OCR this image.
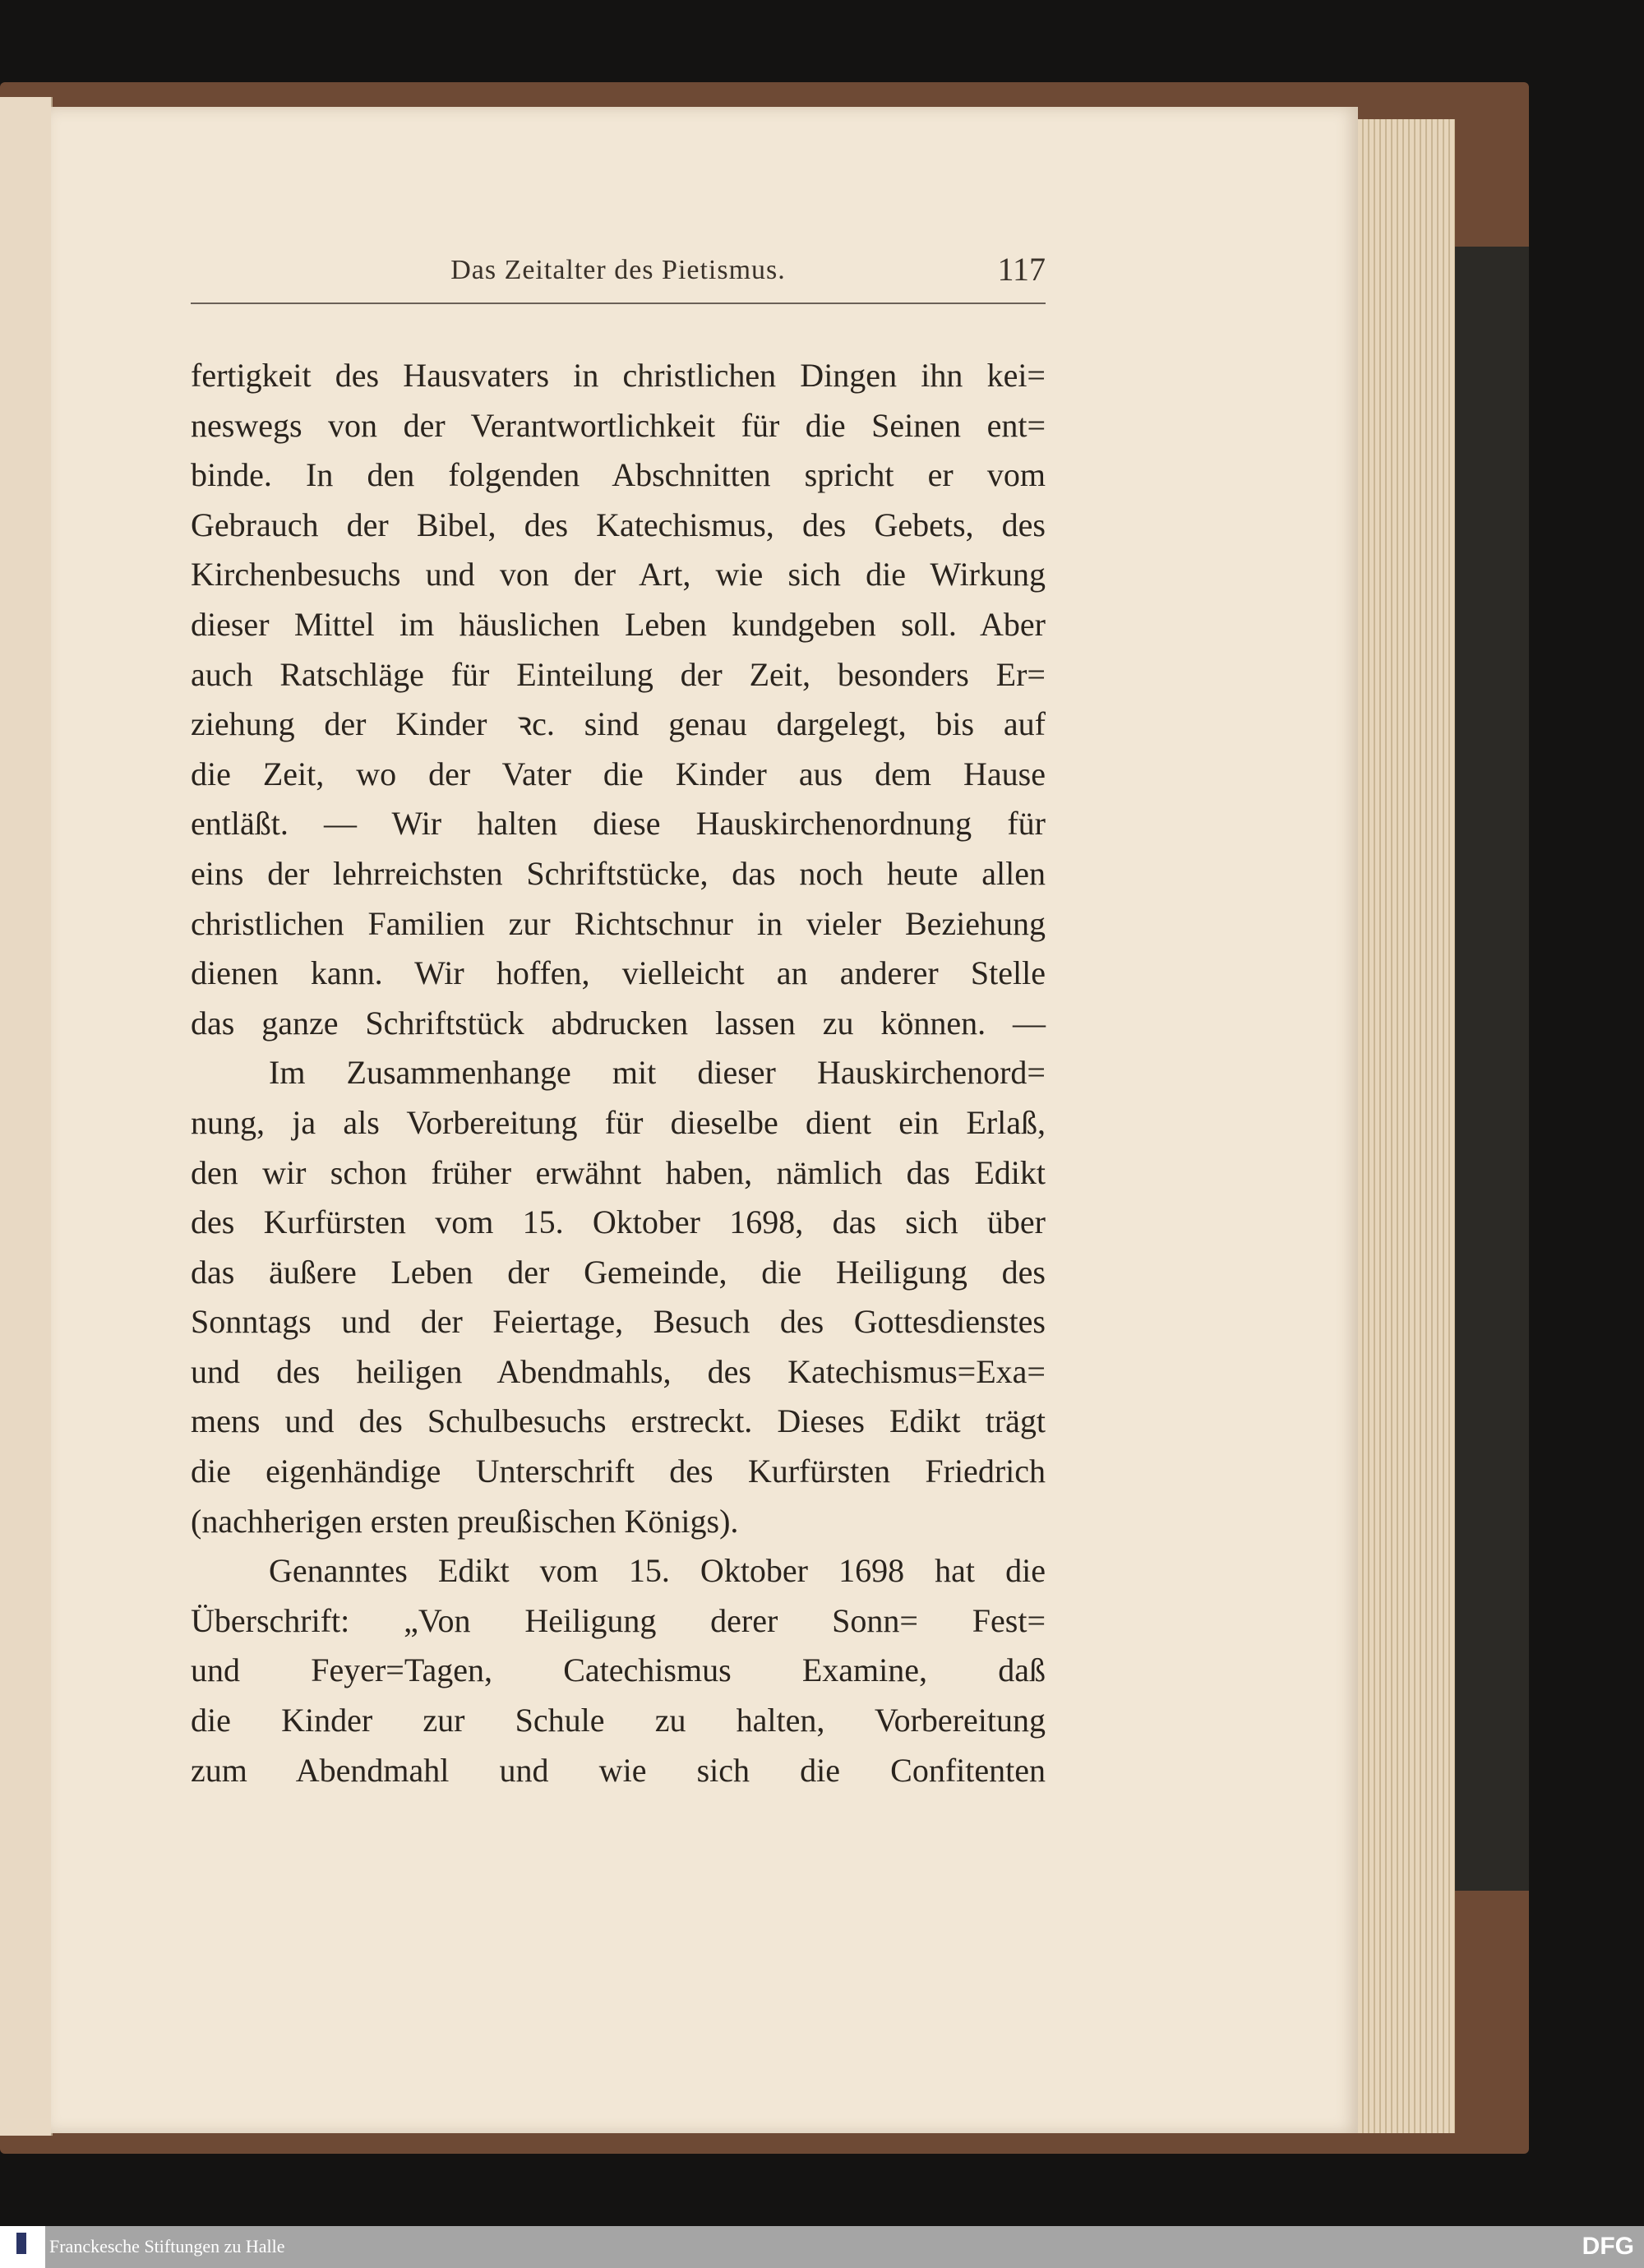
Das Zeitalter des Pietismus.	117
fertigkeit des Hausvaters in christlichen Dingen ihn kei=
neswegs von der Verantwortlichkeit für die Seinen ent=
binde. In den folgenden Abschnitten spricht er vom
Gebrauch der Bibel, des Katechismus, des Gebets, des
Kirchenbesuchs und von der Art, wie sich die Wirkung
dieser Mittel im häuslichen Leben kundgeben soll. Aber
auch Ratschläge für Einteilung der Zeit, besonders Er=
ziehung der Kinder ꝛc. sind genau dargelegt, bis auf
die Zeit, wo der Vater die Kinder aus dem Hause
entläßt. — Wir halten diese Hauskirchenordnung für
eins der lehrreichsten Schriftstücke, das noch heute allen
christlichen Familien zur Richtschnur in vieler Beziehung
dienen kann. Wir hoffen, vielleicht an anderer Stelle
das ganze Schriftstück abdrucken lassen zu können. —
Im Zusammenhange mit dieser Hauskirchenord=
nung, ja als Vorbereitung für dieselbe dient ein Erlaß,
den wir schon früher erwähnt haben, nämlich das Edikt
des Kurfürsten vom 15. Oktober 1698, das sich über
das äußere Leben der Gemeinde, die Heiligung des
Sonntags und der Feiertage, Besuch des Gottesdienstes
und des heiligen Abendmahls, des Katechismus=Exa=
mens und des Schulbesuchs erstreckt. Dieses Edikt trägt
die eigenhändige Unterschrift des Kurfürsten Friedrich
(nachherigen ersten preußischen Königs).
Genanntes Edikt vom 15. Oktober 1698 hat die
Überschrift: „Von Heiligung derer Sonn= Fest=
und Feyer=Tagen, Catechismus Examine, daß
die Kinder zur Schule zu halten, Vorbereitung
zum Abendmahl und wie sich die Confitenten
Franckesche Stiftungen zu Halle	DFG
